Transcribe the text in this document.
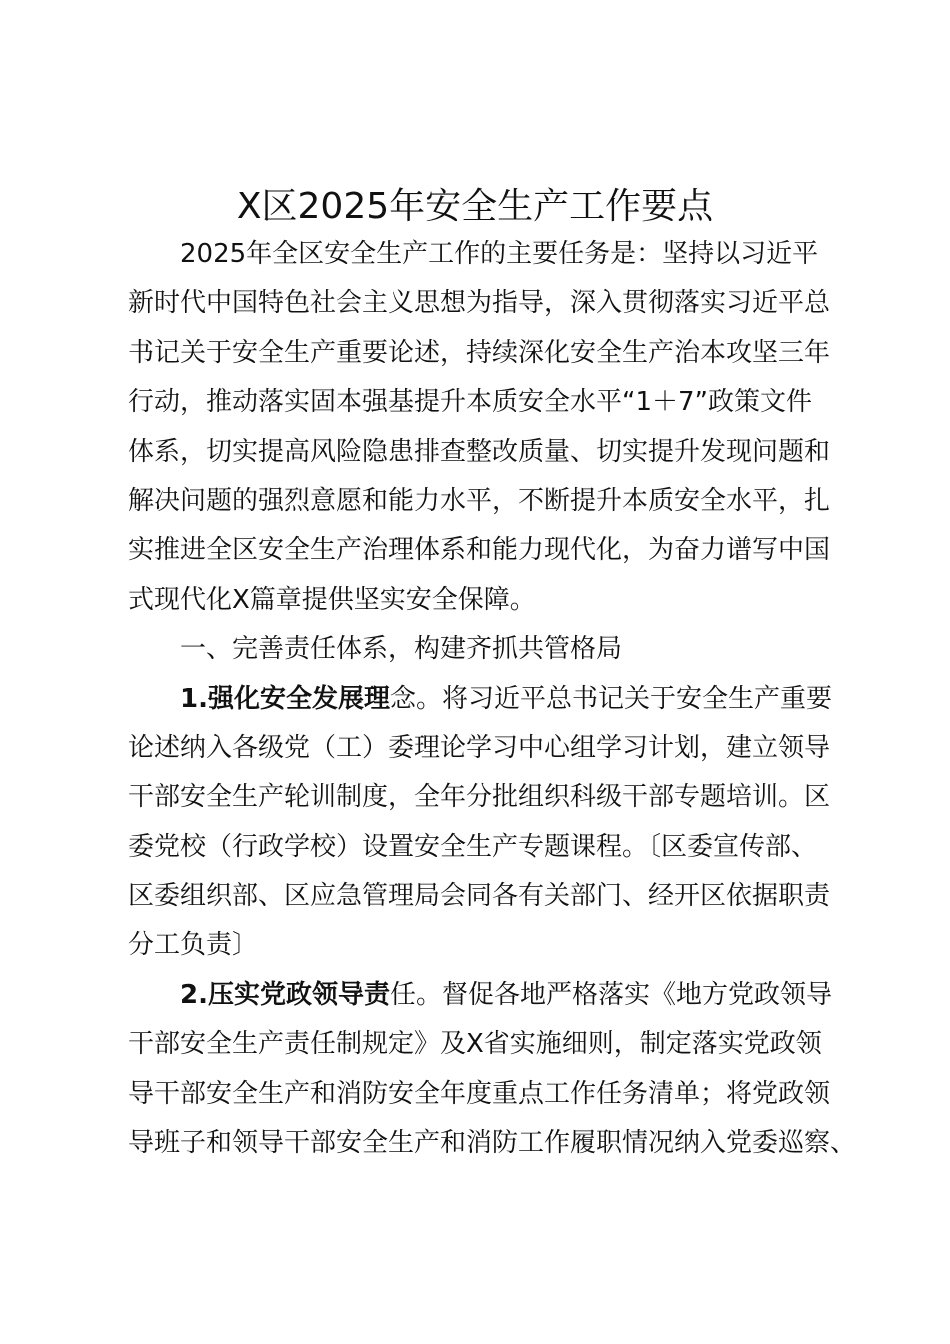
X区2025年安全生产工作要点
2025年全区安全生产工作的主要任务是：坚持以习近平
新时代中国特色社会主义思想为指导，深入贯彻落实习近平总
书记关于安全生产重要论述，持续深化安全生产治本攻坚三年
行动，推动落实固本强基提升本质安全水平“1＋7”政策文件
体系，切实提高风险隐患排查整改质量、切实提升发现问题和
解决问题的强烈意愿和能力水平，不断提升本质安全水平，扎
实推进全区安全生产治理体系和能力现代化，为奋力谱写中国
式现代化X篇章提供坚实安全保障。
一、完善责任体系，构建齐抓共管格局
1.强化安全发展理念。将习近平总书记关于安全生产重要
论述纳入各级党（工）委理论学习中心组学习计划，建立领导
干部安全生产轮训制度，全年分批组织科级干部专题培训。区
委党校（行政学校）设置安全生产专题课程。〔区委宣传部、
区委组织部、区应急管理局会同各有关部门、经开区依据职责
分工负责〕
2.压实党政领导责任。督促各地严格落实《地方党政领导
干部安全生产责任制规定》及X省实施细则，制定落实党政领
导干部安全生产和消防安全年度重点工作任务清单；将党政领
导班子和领导干部安全生产和消防工作履职情况纳入党委巡察、
